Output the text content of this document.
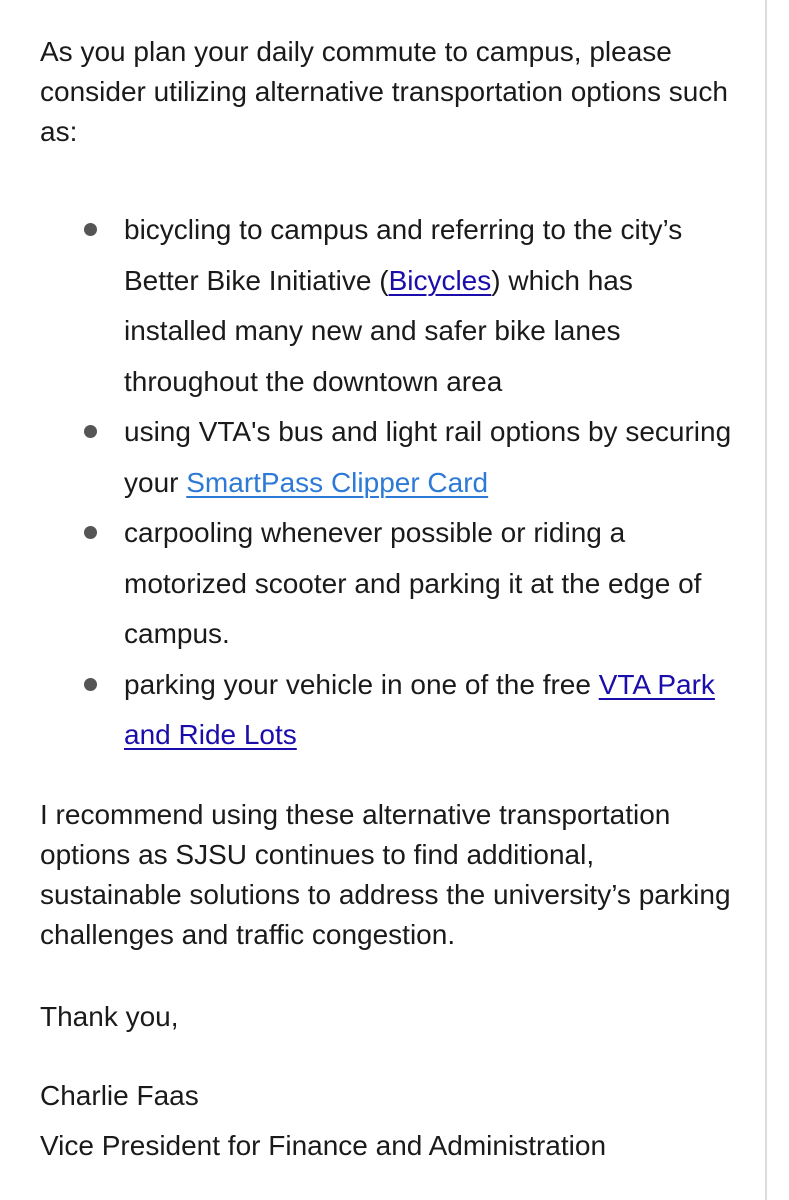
As you plan your daily commute to campus, please consider utilizing alternative transportation options such as:

bicycling to campus and referring to the city’s Better Bike Initiative (Bicycles) which has installed many new and safer bike lanes throughout the downtown area
using VTA's bus and light rail options by securing your SmartPass Clipper Card
carpooling whenever possible or riding a motorized scooter and parking it at the edge of campus.
parking your vehicle in one of the free VTA Park and Ride Lots

I recommend using these alternative transportation options as SJSU continues to find additional, sustainable solutions to address the university’s parking challenges and traffic congestion.

Thank you,

Charlie Faas
Vice President for Finance and Administration
